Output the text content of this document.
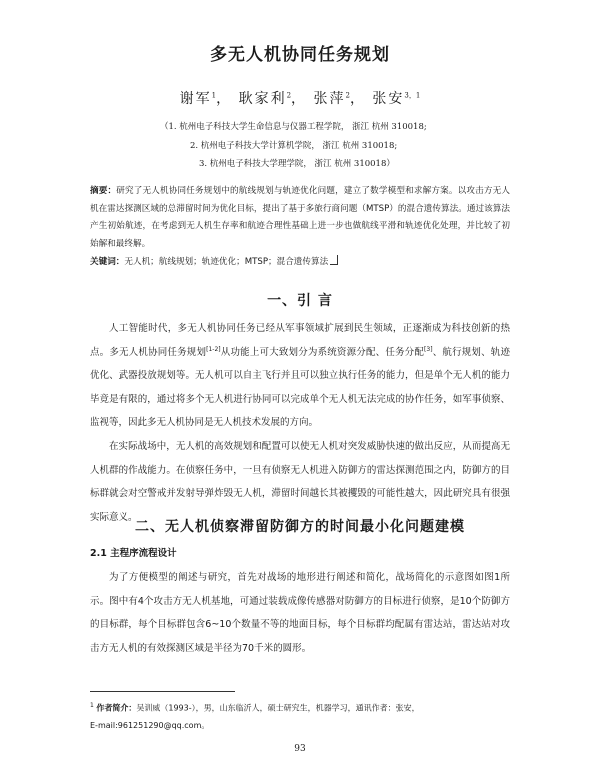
多无人机协同任务规划
谢军$^1$， 耿家利$^2$， 张萍$^2$， 张安$^{3,1}$
（1. 杭州电子科技大学生命信息与仪器工程学院， 浙江 杭州 310018;
2. 杭州电子科技大学计算机学院， 浙江 杭州 310018;
3. 杭州电子科技大学理学院， 浙江 杭州 310018）
摘要：研究了无人机协同任务规划中的航线规划与轨迹优化问题，建立了数学模型和求解方案。以攻击方无人机在雷达探测区域的总滞留时间为优化目标，提出了基于多旅行商问题（MTSP）的混合遗传算法。通过该算法产生初始航迹，在考虑到无人机生存率和航迹合理性基础上进一步也做航线平滑和轨迹优化处理，并比较了初始解和最终解。
关键词：无人机；航线规划；轨迹优化；MTSP；混合遗传算法
一、引 言

人工智能时代，多无人机协同任务已经从军事领域扩展到民生领域，正逐渐成为科技创新的热点。多无人机协同任务规划[1-2]从功能上可大致划分为系统资源分配、任务分配[3]、航行规划、轨迹优化、武器投放规划等。无人机可以自主飞行并且可以独立执行任务的能力，但是单个无人机的能力毕竟是有限的，通过将多个无人机进行协同可以完成单个无人机无法完成的协作任务，如军事侦察、监视等，因此多无人机协同是无人机技术发展的方向。

在实际战场中，无人机的高效规划和配置可以使无人机对突发威胁快速的做出反应，从而提高无人机群的作战能力。在侦察任务中，一旦有侦察无人机进入防御方的雷达探测范围之内，防御方的目标群就会对空警戒并发射导弹炸毁无人机，滞留时间越长其被攫毁的可能性越大，因此研究具有很强实际意义。

二、无人机侦察滞留防御方的时间最小化问题建模
2.1 主程序流程设计

为了方便模型的阐述与研究，首先对战场的地形进行阐述和简化，战场简化的示意图如图1所示。图中有4个攻击方无人机基地，可通过装载成像传感器对防御方的目标进行侦察，是10个防御方的目标群，每个目标群包含6~10个数量不等的地面目标，每个目标群均配属有雷达站，雷达站对攻击方无人机的有效探测区域是半径为70千米的圆形。

$^1$ 作者简介：吴训威（1993-），男，山东临沂人，硕士研究生，机器学习，通讯作者：张安，
E-mail:961251290@qq.com。
93
